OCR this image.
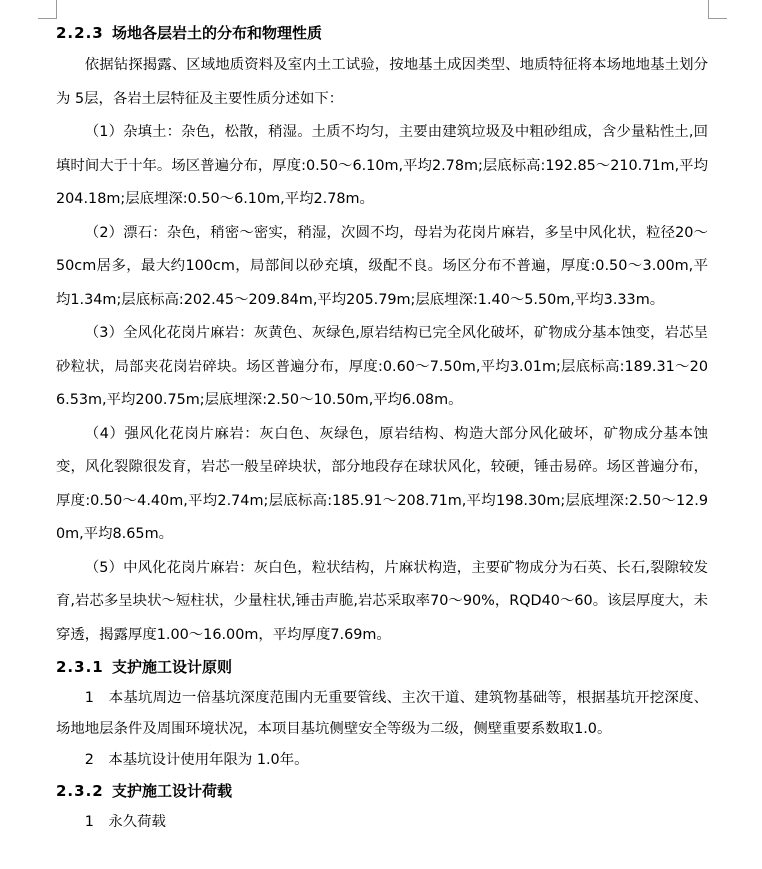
2.2.3 场地各层岩土的分布和物理性质

依据钻探揭露、区域地质资料及室内土工试验，按地基土成因类型、地质特征将本场地地基土划分为 5层，各岩土层特征及主要性质分述如下：

（1）杂填土：杂色，松散，稍湿。土质不均匀，主要由建筑垃圾及中粗砂组成，含少量粘性土,回填时间大于十年。场区普遍分布，厚度:0.50～6.10m,平均2.78m;层底标高:192.85～210.71m,平均204.18m;层底埋深:0.50～6.10m,平均2.78m。

（2）漂石：杂色，稍密～密实，稍湿，次圆不均，母岩为花岗片麻岩，多呈中风化状，粒径20～50cm居多，最大约100cm，局部间以砂充填，级配不良。场区分布不普遍，厚度:0.50～3.00m,平均1.34m;层底标高:202.45～209.84m,平均205.79m;层底埋深:1.40～5.50m,平均3.33m。

（3）全风化花岗片麻岩：灰黄色、灰绿色,原岩结构已完全风化破坏，矿物成分基本蚀变，岩芯呈砂粒状，局部夹花岗岩碎块。场区普遍分布，厚度:0.60～7.50m,平均3.01m;层底标高:189.31～206.53m,平均200.75m;层底埋深:2.50～10.50m,平均6.08m。

（4）强风化花岗片麻岩：灰白色、灰绿色，原岩结构、构造大部分风化破坏，矿物成分基本蚀变，风化裂隙很发育，岩芯一般呈碎块状，部分地段存在球状风化，较硬，锤击易碎。场区普遍分布，厚度:0.50～4.40m,平均2.74m;层底标高:185.91～208.71m,平均198.30m;层底埋深:2.50～12.90m,平均8.65m。

（5）中风化花岗片麻岩：灰白色，粒状结构，片麻状构造，主要矿物成分为石英、长石,裂隙较发育,岩芯多呈块状～短柱状，少量柱状,锤击声脆,岩芯采取率70～90%，RQD40～60。该层厚度大，未穿透，揭露厚度1.00～16.00m，平均厚度7.69m。

2.3.1 支护施工设计原则

1　本基坑周边一倍基坑深度范围内无重要管线、主次干道、建筑物基础等，根据基坑开挖深度、场地地层条件及周围环境状况，本项目基坑侧壁安全等级为二级，侧壁重要系数取1.0。

2　本基坑设计使用年限为 1.0年。

2.3.2 支护施工设计荷载

1　永久荷载
